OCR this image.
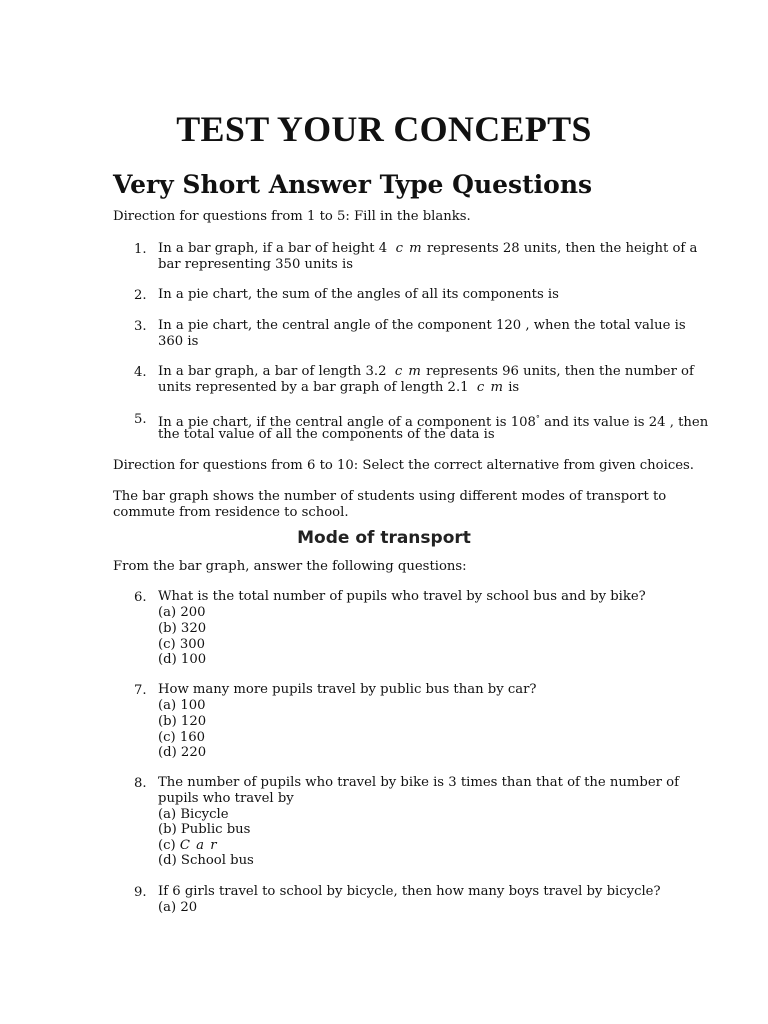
TEST YOUR CONCEPTS
Very Short Answer Type Questions
Direction for questions from 1 to 5: Fill in the blanks.
1. In a bar graph, if a bar of height 4 c m represents 28 units, then the height of a
bar representing 350 units is
2. In a pie chart, the sum of the angles of all its components is
3. In a pie chart, the central angle of the component 120 , when the total value is
360 is
4. In a bar graph, a bar of length 3.2 c m represents 96 units, then the number of
units represented by a bar graph of length 2.1 c m is
5. In a pie chart, if the central angle of a component is 108° and its value is 24 , then
the total value of all the components of the data is
Direction for questions from 6 to 10: Select the correct alternative from given choices.
The bar graph shows the number of students using different modes of transport to
commute from residence to school.
Mode of transport
From the bar graph, answer the following questions:
6. What is the total number of pupils who travel by school bus and by bike?
(a) 200
(b) 320
(c) 300
(d) 100
7. How many more pupils travel by public bus than by car?
(a) 100
(b) 120
(c) 160
(d) 220
8. The number of pupils who travel by bike is 3 times than that of the number of
pupils who travel by
(a) Bicycle
(b) Public bus
(c) C a r
(d) School bus
9. If 6 girls travel to school by bicycle, then how many boys travel by bicycle?
(a) 20
